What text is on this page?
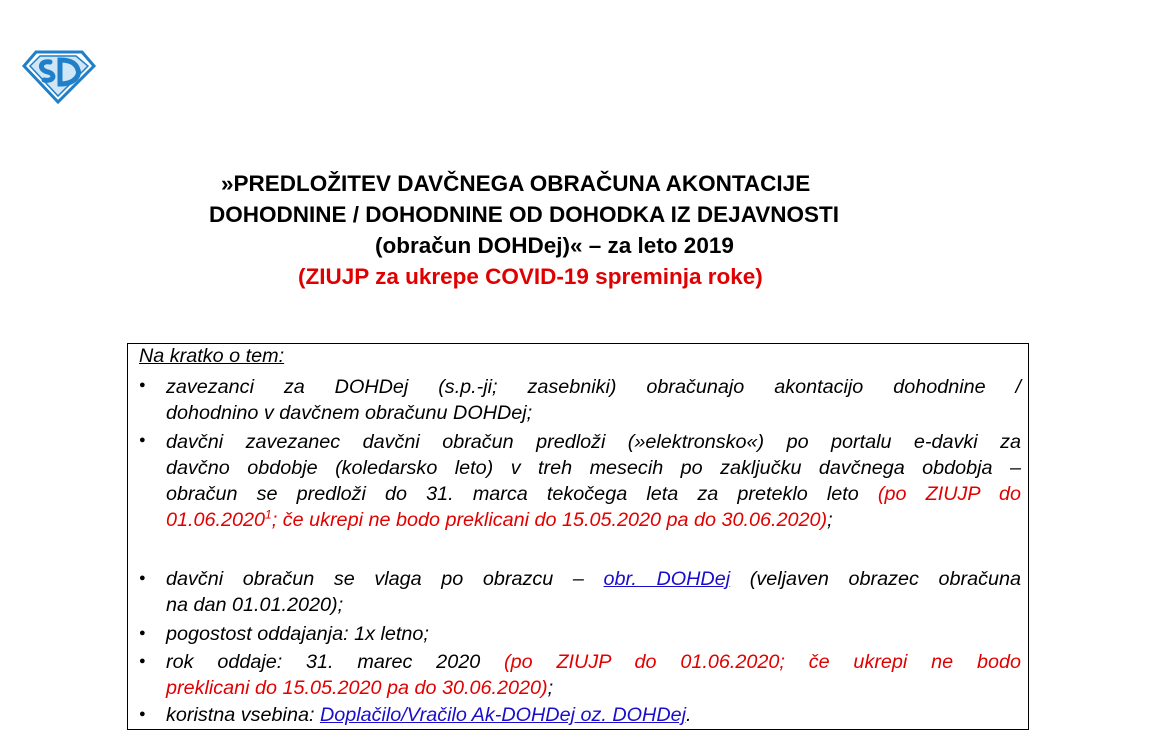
»PREDLOŽITEV DAVČNEGA OBRAČUNA AKONTACIJE
DOHODNINE / DOHODNINE OD DOHODKA IZ DEJAVNOSTI
(obračun DOHDej)« – za leto 2019
(ZIUJP za ukrepe COVID-19 spreminja roke)
Na kratko o tem:
●	zavezanci za DOHDej (s.p.-ji; zasebniki) obračunajo akontacijo dohodnine /
dohodnino v davčnem obračunu DOHDej;
●	davčni zavezanec davčni obračun predloži (»elektronsko«) po portalu e-davki za
davčno obdobje (koledarsko leto) v treh mesecih po zaključku davčnega obdobja –
obračun se predloži do 31. marca tekočega leta za preteklo leto (po ZIUJP do
01.06.2020$^1$; če ukrepi ne bodo preklicani do 15.05.2020 pa do 30.06.2020);
●	davčni obračun se vlaga po obrazcu – obr. DOHDej (veljaven obrazec obračuna
na dan 01.01.2020);
●	pogostost oddajanja: 1x letno;
●	rok oddaje: 31. marec 2020 (po ZIUJP do 01.06.2020; če ukrepi ne bodo
preklicani do 15.05.2020 pa do 30.06.2020);
●	koristna vsebina: Doplačilo/Vračilo Ak-DOHDej oz. DOHDej.
